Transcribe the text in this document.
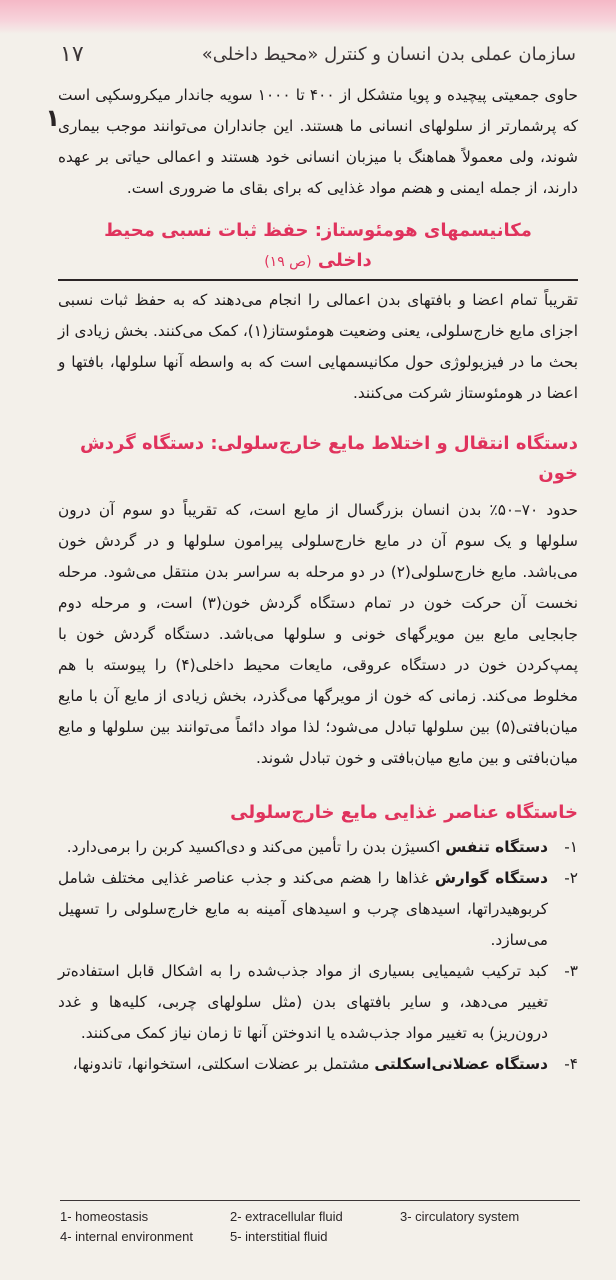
۱۷	سازمان عملی بدن انسان و کنترل «محیط داخلی»
۱

حاوی جمعیتی پیچیده و پویا متشکل از ۴۰۰ تا ۱۰۰۰ سویه جاندار میکروسکپی است که پرشمارتر از سلولهای انسانی ما هستند. این جانداران می‌توانند موجب بیماری شوند، ولی معمولاً هماهنگ با میزبان انسانی خود هستند و اعمالی حیاتی بر عهده دارند، از جمله ایمنی و هضم مواد غذایی که برای بقای ما ضروری است.

مکانیسمهای هومئوستاز: حفظ ثبات نسبی محیط

داخلی (ص ۱۹)

تقریباً تمام اعضا و بافتهای بدن اعمالی را انجام می‌دهند که به حفظ ثبات نسبی اجزای مایع خارج‌سلولی، یعنی وضعیت هومئوستاز(۱)، کمک می‌کنند. بخش زیادی از بحث ما در فیزیولوژی حول مکانیسمهایی است که به واسطه آنها سلولها، بافتها و اعضا در هومئوستاز شرکت می‌کنند.

دستگاه انتقال و اختلاط مایع خارج‌سلولی: دستگاه گردش خون

حدود ۷۰–۵۰٪ بدن انسان بزرگسال از مایع است، که تقریباً دو سوم آن درون سلولها و یک سوم آن در مایع خارج‌سلولی پیرامون سلولها و در گردش خون می‌باشد. مایع خارج‌سلولی(۲) در دو مرحله به سراسر بدن منتقل می‌شود. مرحله نخست آن حرکت خون در تمام دستگاه گردش خون(۳) است، و مرحله دوم جابجایی مایع بین مویرگهای خونی و سلولها می‌باشد. دستگاه گردش خون با پمپ‌کردن خون در دستگاه عروقی، مایعات محیط داخلی(۴) را پیوسته با هم مخلوط می‌کند. زمانی که خون از مویرگها می‌گذرد، بخش زیادی از مایع آن با مایع میان‌بافتی(۵) بین سلولها تبادل می‌شود؛ لذا مواد دائماً می‌توانند بین سلولها و مایع میان‌بافتی و بین مایع میان‌بافتی و خون تبادل شوند.

خاستگاه عناصر غذایی مایع خارج‌سلولی

۱-
دستگاه تنفس اکسیژن بدن را تأمین می‌کند و دی‌اکسید کربن را برمی‌دارد.
۲-
دستگاه گوارش غذاها را هضم می‌کند و جذب عناصر غذایی مختلف شامل کربوهیدراتها، اسیدهای چرب و اسیدهای آمینه به مایع خارج‌سلولی را تسهیل می‌سازد.
۳-
کبد ترکیب شیمیایی بسیاری از مواد جذب‌شده را به اشکال قابل استفاده‌تر تغییر می‌دهد، و سایر بافتهای بدن (مثل سلولهای چربی، کلیه‌ها و غدد درون‌ریز) به تغییر مواد جذب‌شده یا اندوختن آنها تا زمان نیاز کمک می‌کنند.
۴-
دستگاه عضلانی‌اسکلتی مشتمل بر عضلات اسکلتی، استخوانها، تاندونها،
1- homeostasis	2- extracellular fluid	3- circulatory system
4- internal environment	5- interstitial fluid
